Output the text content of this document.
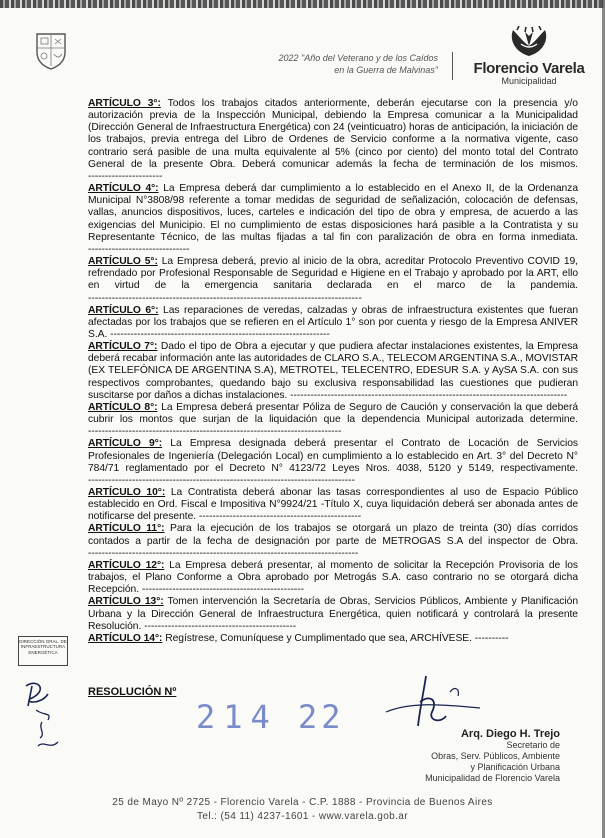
2022 "Año del Veterano y de los Caídos
en la Guerra de Malvinas"	Florencio Varela
Municipalidad

ARTÍCULO 3°: Todos los trabajos citados anteriormente, deberán ejecutarse con la presencia y/o autorización previa de la Inspección Municipal, debiendo la Empresa comunicar a la Municipalidad (Dirección General de Infraestructura Energética) con 24 (veinticuatro) horas de anticipación, la iniciación de los trabajos, previa entrega del Libro de Ordenes de Servicio conforme a la normativa vigente, caso contrario será pasible de una multa equivalente al 5% (cinco por ciento) del monto total del Contrato General de la presente Obra. Deberá comunicar además la fecha de terminación de los mismos. ----------------------

ARTÍCULO 4°: La Empresa deberá dar cumplimiento a lo establecido en el Anexo II, de la Ordenanza Municipal N°3808/98 referente a tomar medidas de seguridad de señalización, colocación de defensas, vallas, anuncios dispositivos, luces, carteles e indicación del tipo de obra y empresa, de acuerdo a las exigencias del Municipio. El no cumplimiento de estas disposiciones hará pasible a la Contratista y su Representante Técnico, de las multas fijadas a tal fin con paralización de obra en forma inmediata. ------------------------------

ARTÍCULO 5°: La Empresa deberá, previo al inicio de la obra, acreditar Protocolo Preventivo COVID 19, refrendado por Profesional Responsable de Seguridad e Higiene en el Trabajo y aprobado por la ART, ello en virtud de la emergencia sanitaria declarada en el marco de la pandemia. ---------------------------------------------------------------------------------

ARTÍCULO 6°: Las reparaciones de veredas, calzadas y obras de infraestructura existentes que fueran afectadas por los trabajos que se refieren en el Artículo 1° son por cuenta y riesgo de la Empresa ANIVER S.A. -----------------------------------------------------------------

ARTÍCULO 7°: Dado el tipo de Obra a ejecutar y que pudiera afectar instalaciones existentes, la Empresa deberá recabar información ante las autoridades de CLARO S.A., TELECOM ARGENTINA S.A., MOVISTAR (EX TELEFÓNICA DE ARGENTINA S.A), METROTEL, TELECENTRO, EDESUR S.A. y AySA S.A. con sus respectivos comprobantes, quedando bajo su exclusiva responsabilidad las cuestiones que pudieran suscitarse por daños a dichas instalaciones. ----------------------------------------------------------------------------------

ARTÍCULO 8°: La Empresa deberá presentar Póliza de Seguro de Caución y conservación la que deberá cubrir los montos que surjan de la liquidación que la dependencia Municipal autorizada determine. ---------------------------------------------------------------------------

ARTÍCULO 9°: La Empresa designada deberá presentar el Contrato de Locación de Servicios Profesionales de Ingeniería (Delegación Local) en cumplimiento a lo establecido en Art. 3° del Decreto N° 784/71 reglamentado por el Decreto N° 4123/72 Leyes Nros. 4038, 5120 y 5149, respectivamente. -------------------------------------------------------------------------------

ARTÍCULO 10°: La Contratista deberá abonar las tasas correspondientes al uso de Espacio Público establecido en Ord. Fiscal e Impositiva N°9924/21 -Título X, cuya liquidación deberá ser abonada antes de notificarse del presente. ------------------------------------------------

ARTÍCULO 11°: Para la ejecución de los trabajos se otorgará un plazo de treinta (30) días corridos contados a partir de la fecha de designación por parte de METROGAS S.A del inspector de Obra. --------------------------------------------------------------------------------

ARTÍCULO 12°: La Empresa deberá presentar, al momento de solicitar la Recepción Provisoria de los trabajos, el Plano Conforme a Obra aprobado por Metrogás S.A. caso contrario no se otorgará dicha Recepción. ------------------------------------------------

ARTÍCULO 13°: Tomen intervención la Secretaría de Obras, Servicios Públicos, Ambiente y Planificación Urbana y la Dirección General de Infraestructura Energética, quien notificará y controlará la presente Resolución. ---------------------------------------------

ARTÍCULO 14°: Regístrese, Comuníquese y Cumplimentado que sea, ARCHÍVESE. ----------

RESOLUCIÓN Nº
214 22
DIRECCIÓN GRAL. DE
INFRAESTRUCTURA
ENERGÉTICA
Arq. Diego H. Trejo
Secretario de
Obras, Serv. Públicos, Ambiente
y Planificación Urbana
Municipalidad de Florencio Varela
25 de Mayo Nº 2725 - Florencio Varela - C.P. 1888 - Provincia de Buenos Aires
Tel.: (54 11) 4237-1601 - www.varela.gob.ar
